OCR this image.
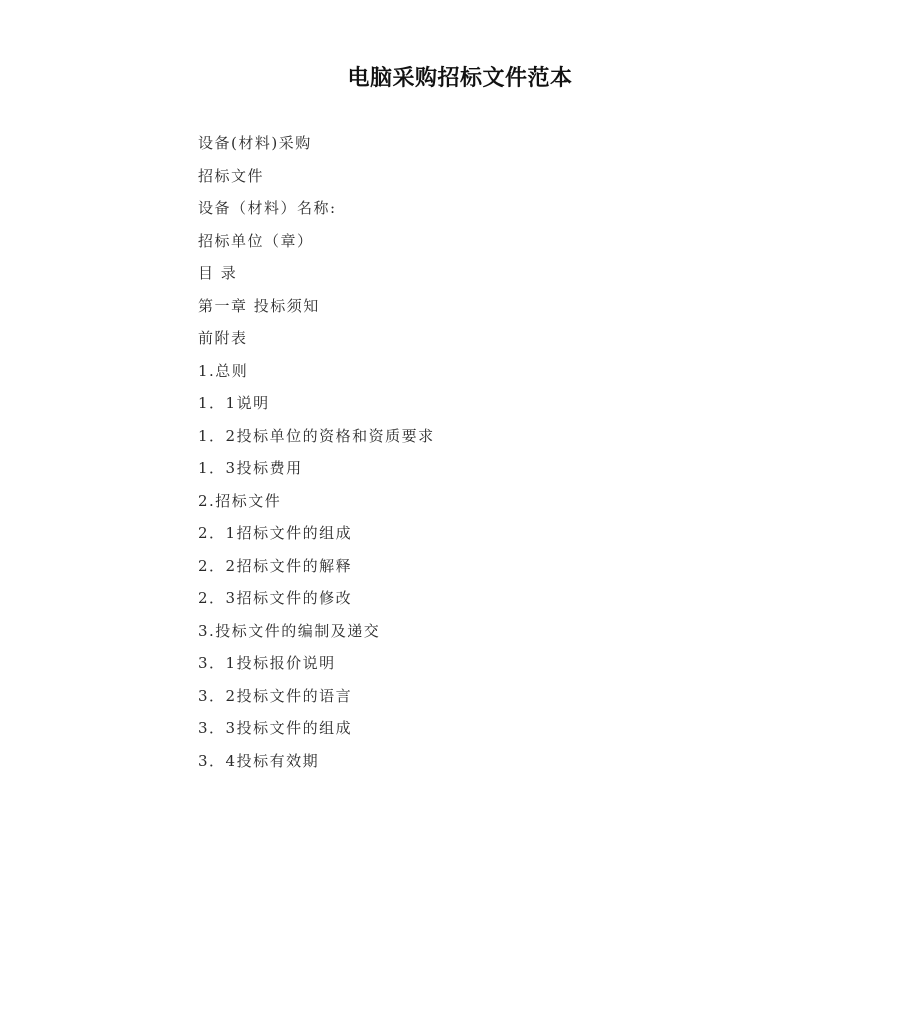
电脑采购招标文件范本
设备(材料)采购
招标文件
设备（材料）名称:
招标单位（章）
目 录
第一章 投标须知
前附表
1.总则
1．1说明
1．2投标单位的资格和资质要求
1．3投标费用
2.招标文件
2．1招标文件的组成
2．2招标文件的解释
2．3招标文件的修改
3.投标文件的编制及递交
3．1投标报价说明
3．2投标文件的语言
3．3投标文件的组成
3．4投标有效期
